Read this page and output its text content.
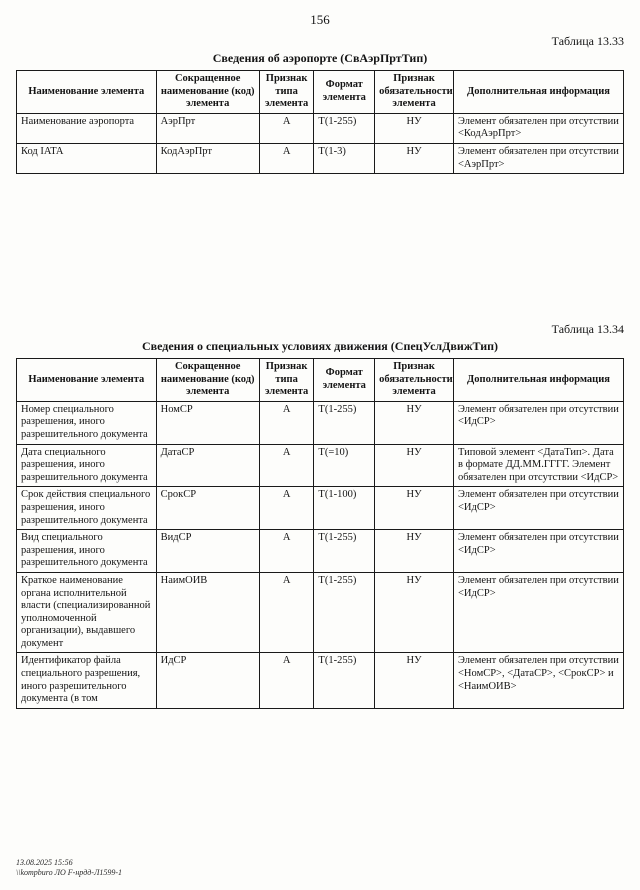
156
Таблица 13.33
Сведения об аэропорте (СвАэрПртТип)
Наименование элемента	Сокращенное наименование (код) элемента	Признак типа элемента	Формат элемента	Признак обязательности элемента	Дополнительная информация
Наименование аэропорта	АэрПрт	А	T(1-255)	НУ	Элемент обязателен при отсутствии <КодАэрПрт>
Код IATA	КодАэрПрт	А	T(1-3)	НУ	Элемент обязателен при отсутствии <АэрПрт>
Таблица 13.34
Сведения о специальных условиях движения (СпецУслДвижТип)
Наименование элемента	Сокращенное наименование (код) элемента	Признак типа элемента	Формат элемента	Признак обязательности элемента	Дополнительная информация
Номер специального разрешения, иного разрешительного документа	НомСР	А	T(1-255)	НУ	Элемент обязателен при отсутствии <ИдСР>
Дата специального разрешения, иного разрешительного документа	ДатаСР	А	T(=10)	НУ	Типовой элемент <ДатаТип>. Дата в формате ДД.ММ.ГГГГ. Элемент обязателен при отсутствии <ИдСР>
Срок действия специального разрешения, иного разрешительного документа	СрокСР	А	T(1-100)	НУ	Элемент обязателен при отсутствии <ИдСР>
Вид специального разрешения, иного разрешительного документа	ВидСР	А	T(1-255)	НУ	Элемент обязателен при отсутствии <ИдСР>
Краткое наименование органа исполнительной власти (специализированной уполномоченной организации), выдавшего документ	НаимОИВ	А	T(1-255)	НУ	Элемент обязателен при отсутствии <ИдСР>
Идентификатор файла специального разрешения, иного разрешительного документа (в том	ИдСР	А	T(1-255)	НУ	Элемент обязателен при отсутствии <НомСР>, <ДатаСР>, <СрокСР> и <НаимОИВ>
13.08.2025 15:56
\\kompburo ЛО F-нрдд-Л1599-1
